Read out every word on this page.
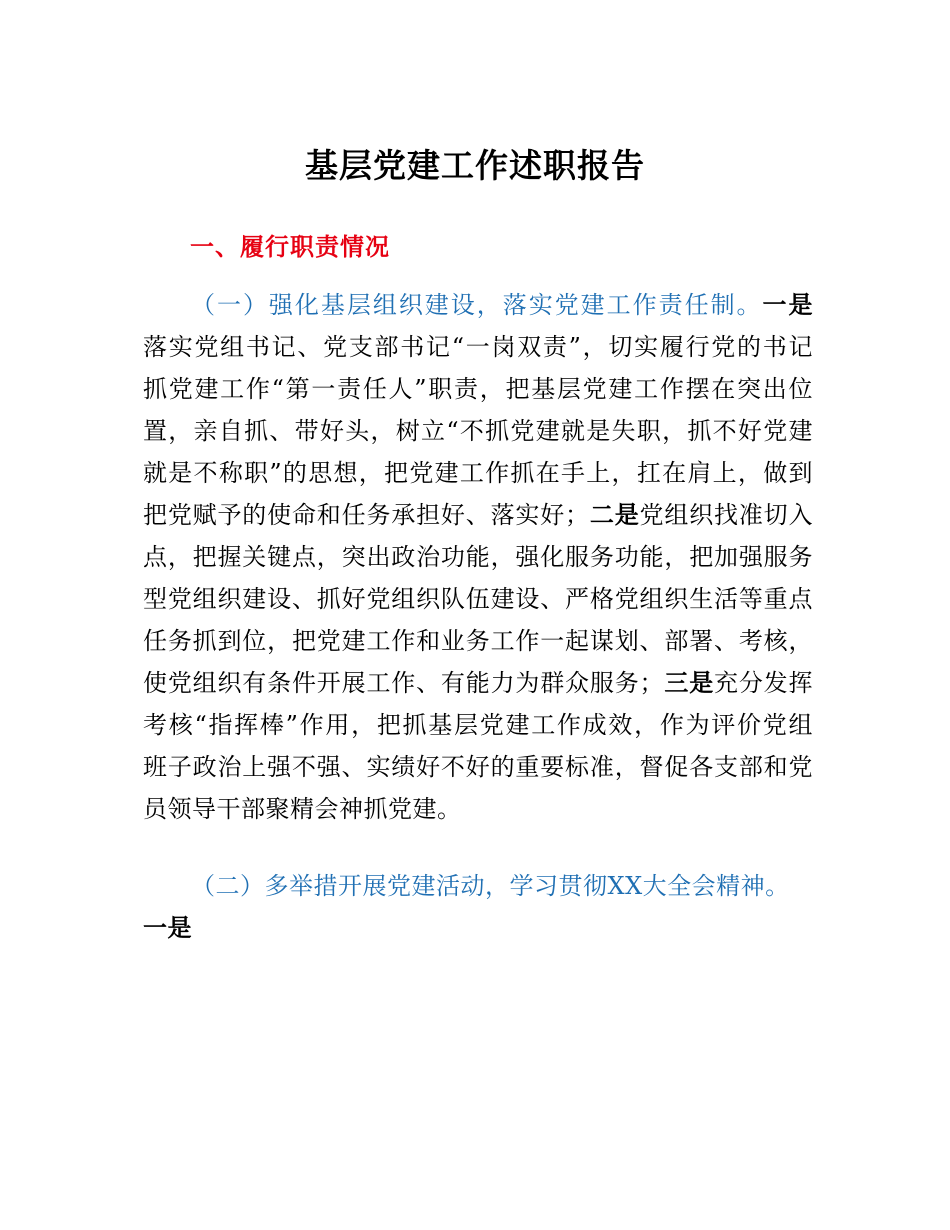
基层党建工作述职报告
一、履行职责情况
（一）强化基层组织建设，落实党建工作责任制。一是
落实党组书记、党支部书记“一岗双责”，切实履行党的书记
抓党建工作“第一责任人”职责，把基层党建工作摆在突出位
置，亲自抓、带好头，树立“不抓党建就是失职，抓不好党建
就是不称职”的思想，把党建工作抓在手上，扛在肩上，做到
把党赋予的使命和任务承担好、落实好；二是党组织找准切入
点，把握关键点，突出政治功能，强化服务功能，把加强服务
型党组织建设、抓好党组织队伍建设、严格党组织生活等重点
任务抓到位，把党建工作和业务工作一起谋划、部署、考核，
使党组织有条件开展工作、有能力为群众服务；三是充分发挥
考核“指挥棒”作用，把抓基层党建工作成效，作为评价党组
班子政治上强不强、实绩好不好的重要标准，督促各支部和党
员领导干部聚精会神抓党建。
（二）多举措开展党建活动，学习贯彻XX大全会精神。
一是
